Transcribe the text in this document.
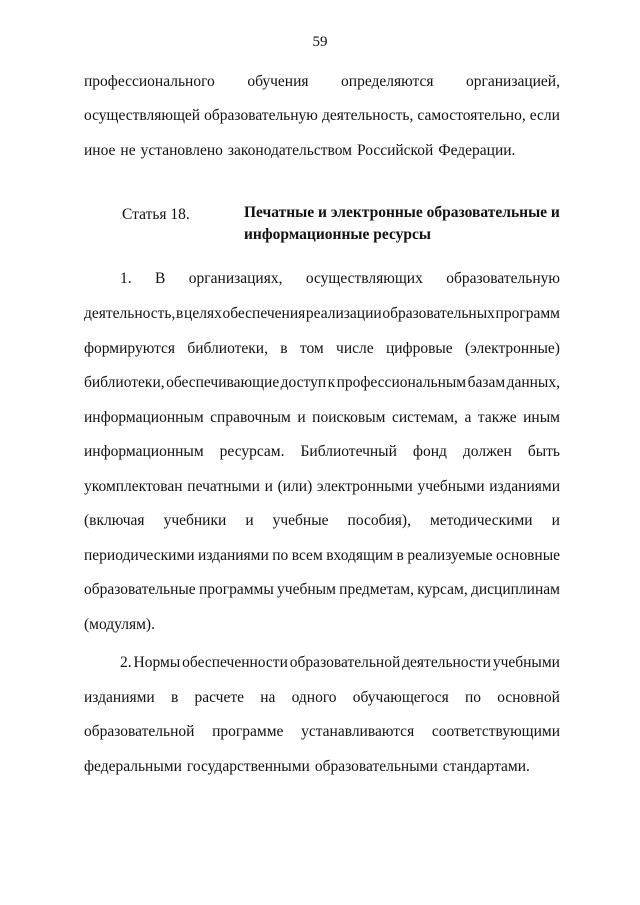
59
профессионального обучения определяются организацией,
осуществляющей образовательную деятельность, самостоятельно, если
иное не установлено законодательством Российской Федерации.
1. В организациях, осуществляющих образовательную
деятельность, в целях обеспечения реализации образовательных программ
формируются библиотеки, в том числе цифровые (электронные)
библиотеки, обеспечивающие доступ к профессиональным базам данных,
информационным справочным и поисковым системам, а также иным
информационным ресурсам. Библиотечный фонд должен быть
укомплектован печатными и (или) электронными учебными изданиями
(включая учебники и учебные пособия), методическими и
периодическими изданиями по всем входящим в реализуемые основные
образовательные программы учебным предметам, курсам, дисциплинам
(модулям).
2. Нормы обеспеченности образовательной деятельности учебными
изданиями в расчете на одного обучающегося по основной
образовательной программе устанавливаются соответствующими
федеральными государственными образовательными стандартами.
Статья 18.	Печатные и электронные образовательные и
информационные ресурсы
